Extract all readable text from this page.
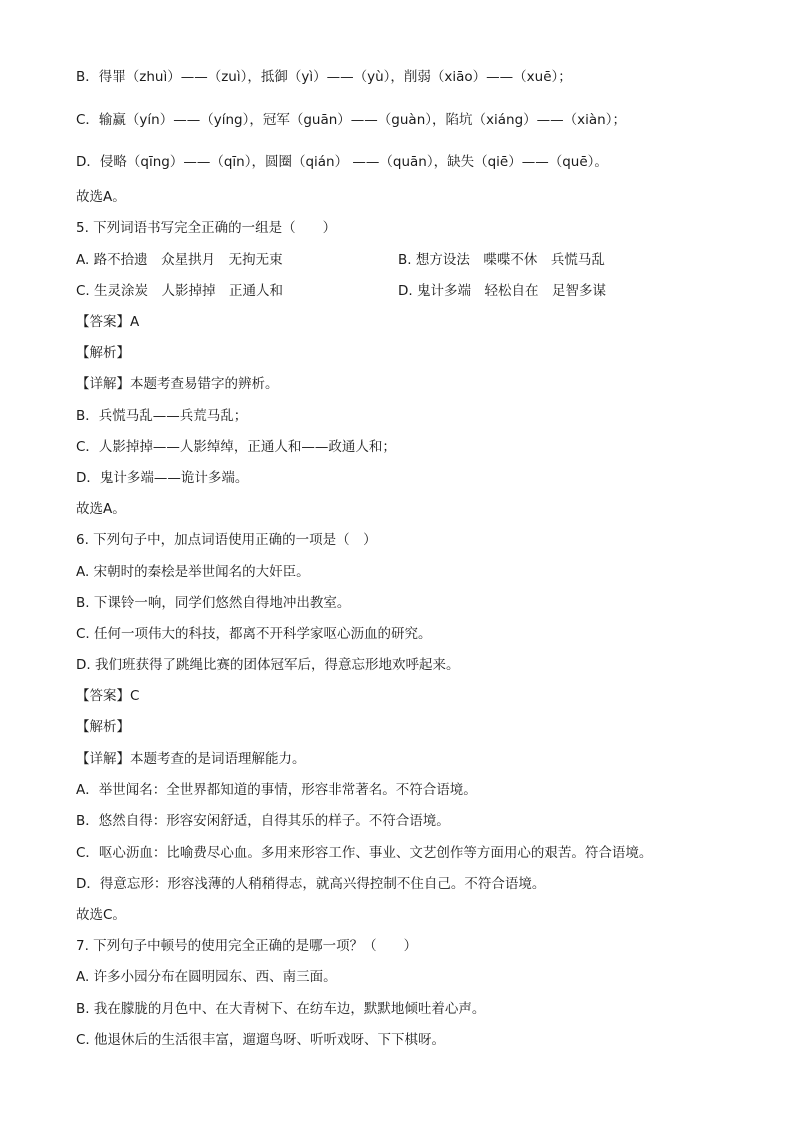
B．得罪（zhuì）——（zuì），抵御（yì）——（yù），削弱（xiāo）——（xuē）；
C．输赢（yín）——（yíng），冠军（guān）——（guàn），陷坑（xiáng）——（xiàn）；
D．侵略（qīng）——（qīn），圆圈（qián） ——（quān），缺失（qiē）——（quē）。
故选A。
5. 下列词语书写完全正确的一组是（　　）
A. 路不拾遗　众星拱月　无拘无束	B. 想方设法　喋喋不休　兵慌马乱
C. 生灵涂炭　人影掉掉　正通人和	D. 鬼计多端　轻松自在　足智多谋
【答案】A
【解析】
【详解】本题考查易错字的辨析。
B．兵慌马乱——兵荒马乱；
C．人影掉掉——人影绰绰，正通人和——政通人和；
D．鬼计多端——诡计多端。
故选A。
6. 下列句子中，加点词语使用正确的一项是（　）
A. 宋朝时的秦桧是举世闻名的大奸臣。
B. 下课铃一响，同学们悠然自得地冲出教室。
C. 任何一项伟大的科技，都离不开科学家呕心沥血的研究。
D. 我们班获得了跳绳比赛的团体冠军后，得意忘形地欢呼起来。
【答案】C
【解析】
【详解】本题考查的是词语理解能力。
A．举世闻名：全世界都知道的事情，形容非常著名。不符合语境。
B．悠然自得：形容安闲舒适，自得其乐的样子。不符合语境。
C．呕心沥血：比喻费尽心血。多用来形容工作、事业、文艺创作等方面用心的艰苦。符合语境。
D．得意忘形：形容浅薄的人稍稍得志，就高兴得控制不住自己。不符合语境。
故选C。
7. 下列句子中顿号的使用完全正确的是哪一项？（　　）
A. 许多小园分布在圆明园东、西、南三面。
B. 我在朦胧的月色中、在大青树下、在纺车边，默默地倾吐着心声。
C. 他退休后的生活很丰富，遛遛鸟呀、听听戏呀、下下棋呀。
